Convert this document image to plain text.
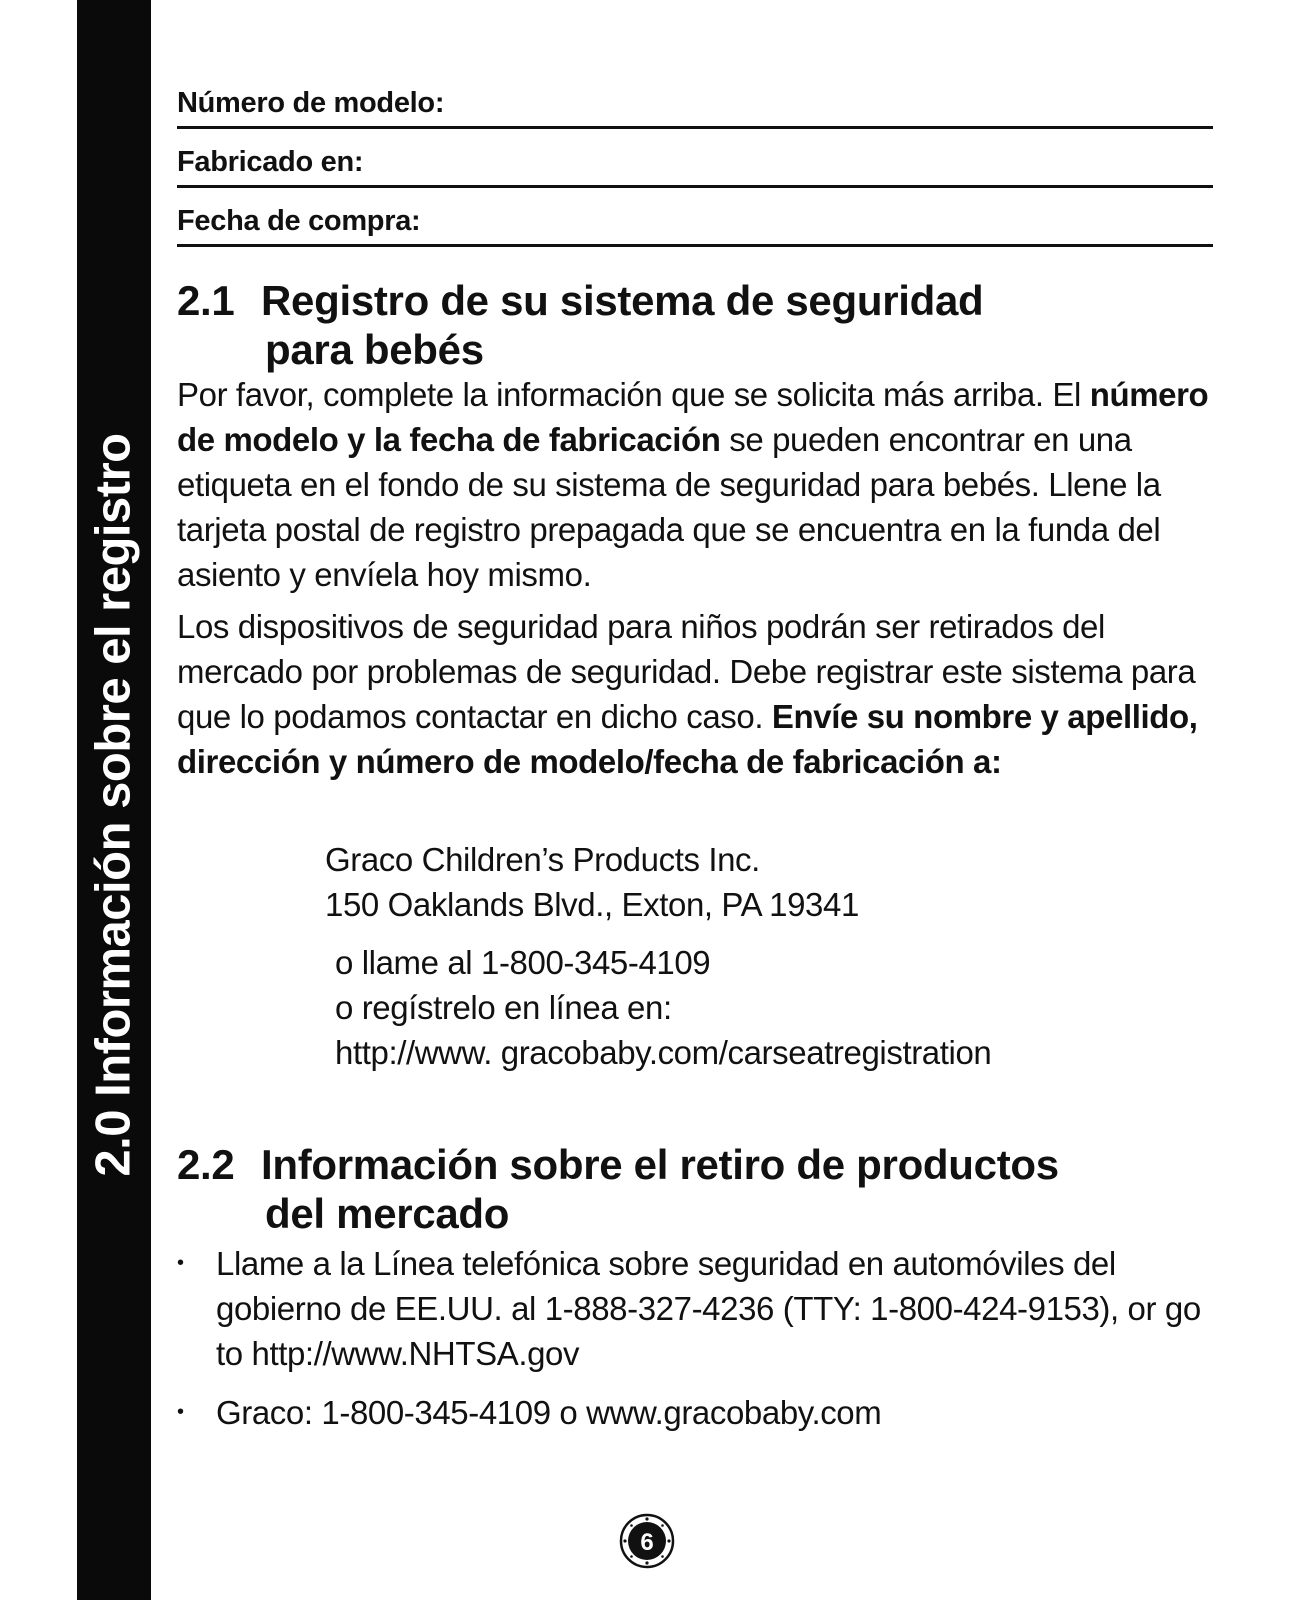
2.0 Información sobre el registro
Número de modelo:
Fabricado en:
Fecha de compra:
2.1 Registro de su sistema de seguridad
para bebés
Por favor, complete la información que se solicita más arriba. El número de modelo y la fecha de fabricación se pueden encontrar en una etiqueta en el fondo de su sistema de seguridad para bebés. Llene la tarjeta postal de registro prepagada que se encuentra en la funda del asiento y envíela hoy mismo.
Los dispositivos de seguridad para niños podrán ser retirados del mercado por problemas de seguridad. Debe registrar este sistema para que lo podamos contactar en dicho caso. Envíe su nombre y apellido, dirección y número de modelo/fecha de fabricación a:
Graco Children’s Products Inc.
150 Oaklands Blvd., Exton, PA 19341
o llame al 1-800-345-4109
o regístrelo en línea en:
http://www. gracobaby.com/carseatregistration
2.2 Información sobre el retiro de productos
del mercado
• Llame a la Línea telefónica sobre seguridad en automóviles del gobierno de EE.UU. al 1-888-327-4236 (TTY: 1-800-424-9153), or go to http://www.NHTSA.gov
• Graco: 1-800-345-4109 o www.gracobaby.com
6
